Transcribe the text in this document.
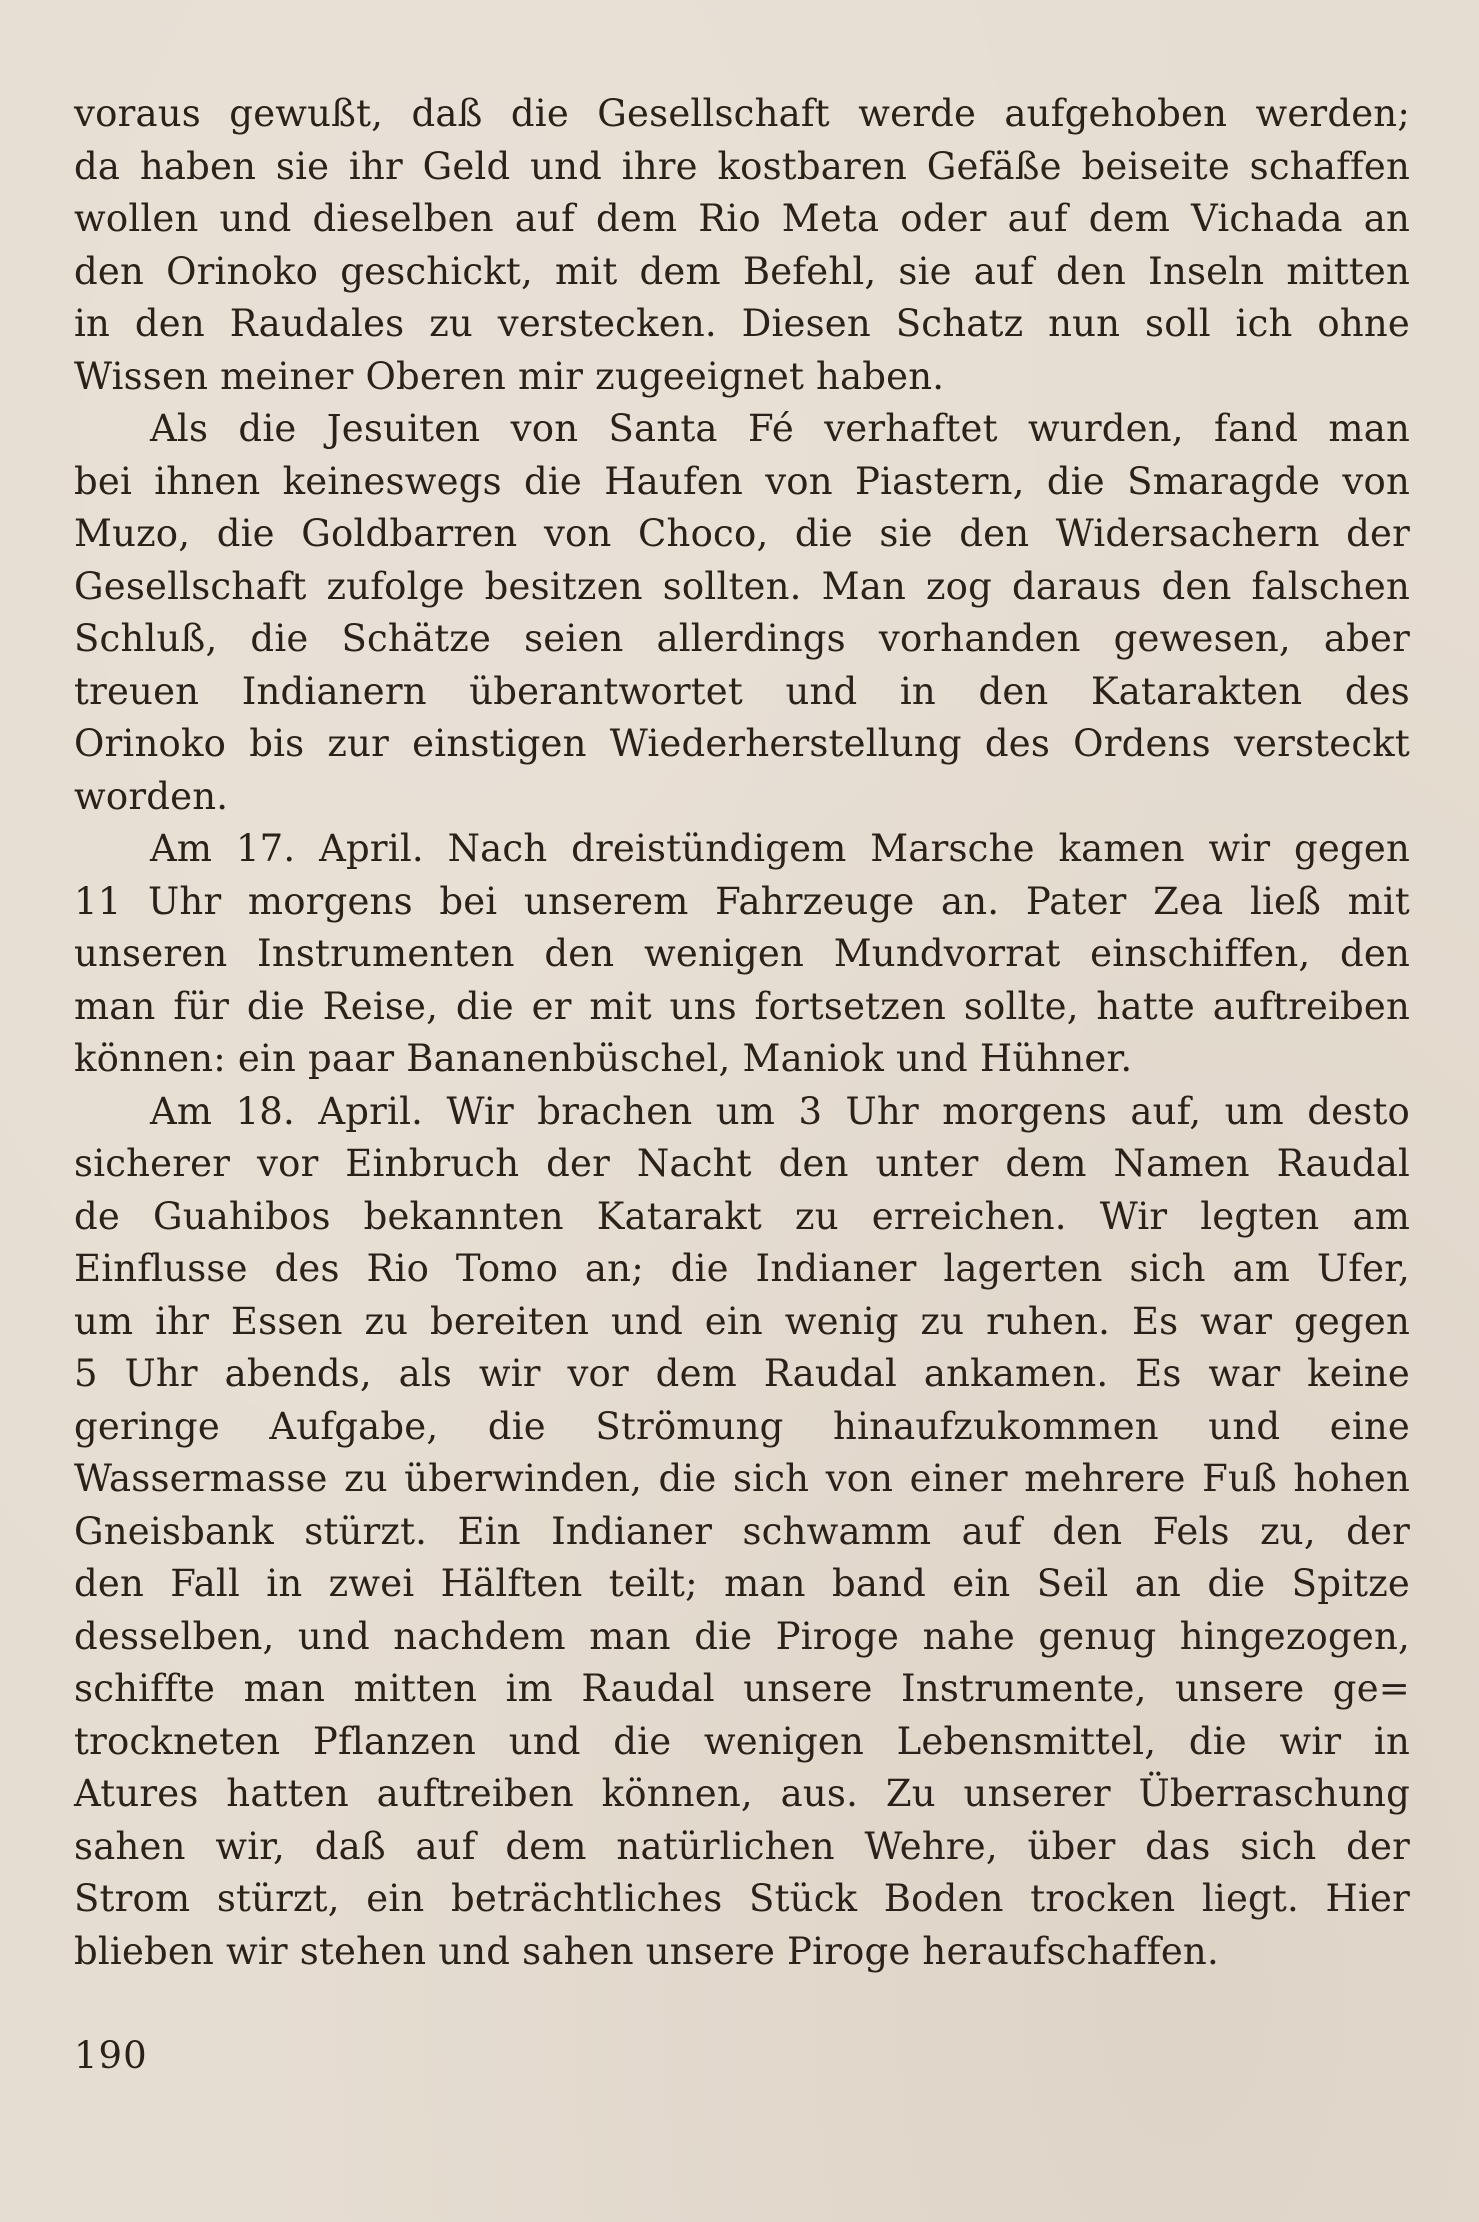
voraus gewußt, daß die Gesellschaft werde aufgehoben werden;
da haben sie ihr Geld und ihre kostbaren Gefäße beiseite schaffen
wollen und dieselben auf dem Rio Meta oder auf dem Vichada an
den Orinoko geschickt, mit dem Befehl, sie auf den Inseln mitten
in den Raudales zu verstecken. Diesen Schatz nun soll ich ohne
Wissen meiner Oberen mir zugeeignet haben.

Als die Jesuiten von Santa Fé verhaftet wurden, fand man
bei ihnen keineswegs die Haufen von Piastern, die Smaragde von
Muzo, die Goldbarren von Choco, die sie den Widersachern der
Gesellschaft zufolge besitzen sollten. Man zog daraus den falschen
Schluß, die Schätze seien allerdings vorhanden gewesen, aber
treuen Indianern überantwortet und in den Katarakten des
Orinoko bis zur einstigen Wiederherstellung des Ordens versteckt
worden.

Am 17. April. Nach dreistündigem Marsche kamen wir gegen
11 Uhr morgens bei unserem Fahrzeuge an. Pater Zea ließ mit
unseren Instrumenten den wenigen Mundvorrat einschiffen, den
man für die Reise, die er mit uns fortsetzen sollte, hatte auftreiben
können: ein paar Bananenbüschel, Maniok und Hühner.

Am 18. April. Wir brachen um 3 Uhr morgens auf, um desto
sicherer vor Einbruch der Nacht den unter dem Namen Raudal
de Guahibos bekannten Katarakt zu erreichen. Wir legten am
Einflusse des Rio Tomo an; die Indianer lagerten sich am Ufer,
um ihr Essen zu bereiten und ein wenig zu ruhen. Es war gegen
5 Uhr abends, als wir vor dem Raudal ankamen. Es war keine
geringe Aufgabe, die Strömung hinaufzukommen und eine
Wassermasse zu überwinden, die sich von einer mehrere Fuß hohen
Gneisbank stürzt. Ein Indianer schwamm auf den Fels zu, der
den Fall in zwei Hälften teilt; man band ein Seil an die Spitze
desselben, und nachdem man die Piroge nahe genug hingezogen,
schiffte man mitten im Raudal unsere Instrumente, unsere ge=
trockneten Pflanzen und die wenigen Lebensmittel, die wir in
Atures hatten auftreiben können, aus. Zu unserer Überraschung
sahen wir, daß auf dem natürlichen Wehre, über das sich der
Strom stürzt, ein beträchtliches Stück Boden trocken liegt. Hier
blieben wir stehen und sahen unsere Piroge heraufschaffen.

190
